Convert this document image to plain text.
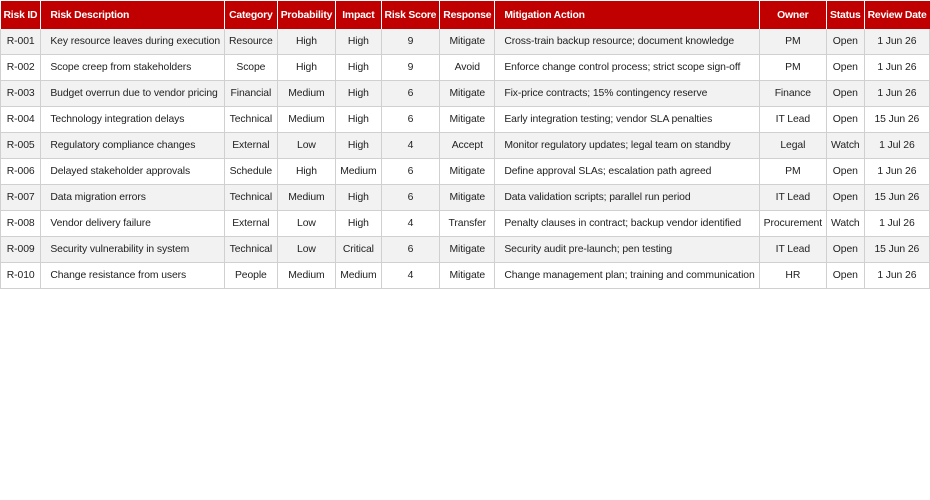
Risk ID	Risk Description	Category	Probability	Impact	Risk Score	Response	Mitigation Action	Owner	Status	Review Date
R-001	Key resource leaves during execution	Resource	High	High	9	Mitigate	Cross-train backup resource; document knowledge	PM	Open	1 Jun 26
R-002	Scope creep from stakeholders	Scope	High	High	9	Avoid	Enforce change control process; strict scope sign-off	PM	Open	1 Jun 26
R-003	Budget overrun due to vendor pricing	Financial	Medium	High	6	Mitigate	Fix-price contracts; 15% contingency reserve	Finance	Open	1 Jun 26
R-004	Technology integration delays	Technical	Medium	High	6	Mitigate	Early integration testing; vendor SLA penalties	IT Lead	Open	15 Jun 26
R-005	Regulatory compliance changes	External	Low	High	4	Accept	Monitor regulatory updates; legal team on standby	Legal	Watch	1 Jul 26
R-006	Delayed stakeholder approvals	Schedule	High	Medium	6	Mitigate	Define approval SLAs; escalation path agreed	PM	Open	1 Jun 26
R-007	Data migration errors	Technical	Medium	High	6	Mitigate	Data validation scripts; parallel run period	IT Lead	Open	15 Jun 26
R-008	Vendor delivery failure	External	Low	High	4	Transfer	Penalty clauses in contract; backup vendor identified	Procurement	Watch	1 Jul 26
R-009	Security vulnerability in system	Technical	Low	Critical	6	Mitigate	Security audit pre-launch; pen testing	IT Lead	Open	15 Jun 26
R-010	Change resistance from users	People	Medium	Medium	4	Mitigate	Change management plan; training and communication	HR	Open	1 Jun 26
